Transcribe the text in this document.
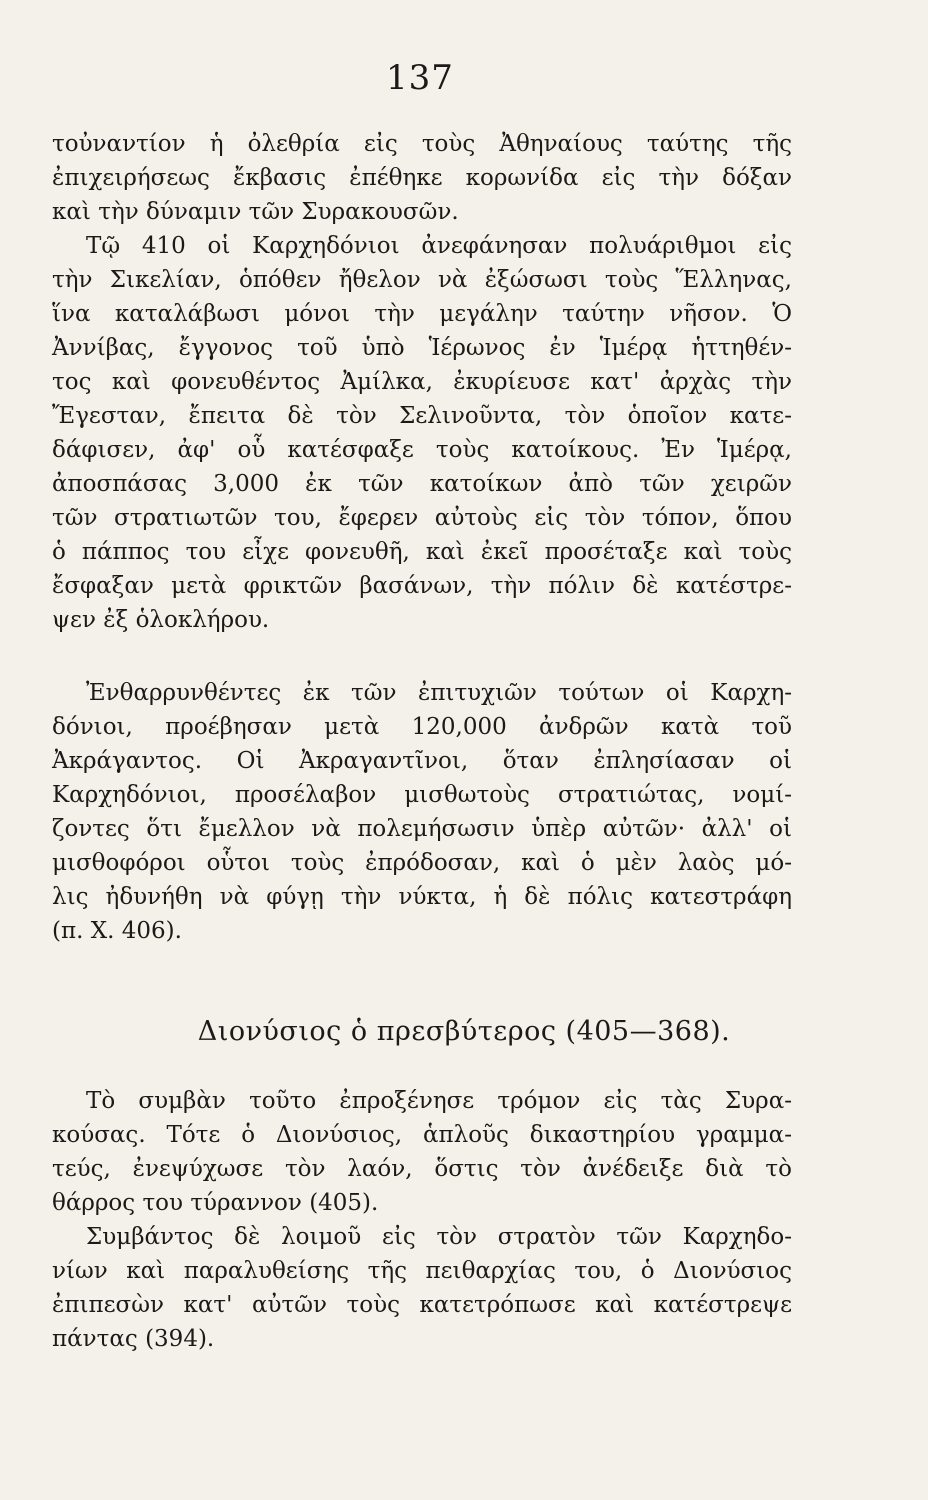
137
τοὐναντίον ἡ ὀλεθρία εἰς τοὺς Ἀθηναίους ταύτης τῆς
ἐπιχειρήσεως ἔκβασις ἐπέθηκε κορωνίδα εἰς τὴν δόξαν
καὶ τὴν δύναμιν τῶν Συρακουσῶν.
Τῷ 410 οἱ Καρχηδόνιοι ἀνεφάνησαν πολυάριθμοι εἰς
τὴν Σικελίαν, ὁπόθεν ἤθελον νὰ ἐξώσωσι τοὺς Ἕλληνας,
ἵνα καταλάβωσι μόνοι τὴν μεγάλην ταύτην νῆσον. Ὁ
Ἀννίβας, ἔγγονος τοῦ ὑπὸ Ἱέρωνος ἐν Ἱμέρᾳ ἡττηθέν-
τος καὶ φονευθέντος Ἀμίλκα, ἐκυρίευσε κατ' ἀρχὰς τὴν
Ἔγεσταν, ἔπειτα δὲ τὸν Σελινοῦντα, τὸν ὁποῖον κατε-
δάφισεν, ἀφ' οὗ κατέσφαξε τοὺς κατοίκους. Ἐν Ἱμέρᾳ,
ἀποσπάσας 3,000 ἐκ τῶν κατοίκων ἀπὸ τῶν χειρῶν
τῶν στρατιωτῶν του, ἔφερεν αὐτοὺς εἰς τὸν τόπον, ὅπου
ὁ πάππος του εἶχε φονευθῆ, καὶ ἐκεῖ προσέταξε καὶ τοὺς
ἔσφαξαν μετὰ φρικτῶν βασάνων, τὴν πόλιν δὲ κατέστρε-
ψεν ἐξ ὁλοκλήρου.
Ἐνθαρρυνθέντες ἐκ τῶν ἐπιτυχιῶν τούτων οἱ Καρχη-
δόνιοι, προέβησαν μετὰ 120,000 ἀνδρῶν κατὰ τοῦ
Ἀκράγαντος. Οἱ Ἀκραγαντῖνοι, ὅταν ἐπλησίασαν οἱ
Καρχηδόνιοι, προσέλαβον μισθωτοὺς στρατιώτας, νομί-
ζοντες ὅτι ἔμελλον νὰ πολεμήσωσιν ὑπὲρ αὐτῶν· ἀλλ' οἱ
μισθοφόροι οὗτοι τοὺς ἐπρόδοσαν, καὶ ὁ μὲν λαὸς μό-
λις ἠδυνήθη νὰ φύγῃ τὴν νύκτα, ἡ δὲ πόλις κατεστράφη
(π. Χ. 406).
Διονύσιος ὁ πρεσβύτερος (405—368).
Τὸ συμβὰν τοῦτο ἐπροξένησε τρόμον εἰς τὰς Συρα-
κούσας. Τότε ὁ Διονύσιος, ἁπλοῦς δικαστηρίου γραμμα-
τεύς, ἐνεψύχωσε τὸν λαόν, ὅστις τὸν ἀνέδειξε διὰ τὸ
θάρρος του τύραννον (405).
Συμβάντος δὲ λοιμοῦ εἰς τὸν στρατὸν τῶν Καρχηδο-
νίων καὶ παραλυθείσης τῆς πειθαρχίας του, ὁ Διονύσιος
ἐπιπεσὼν κατ' αὐτῶν τοὺς κατετρόπωσε καὶ κατέστρεψε
πάντας (394).
